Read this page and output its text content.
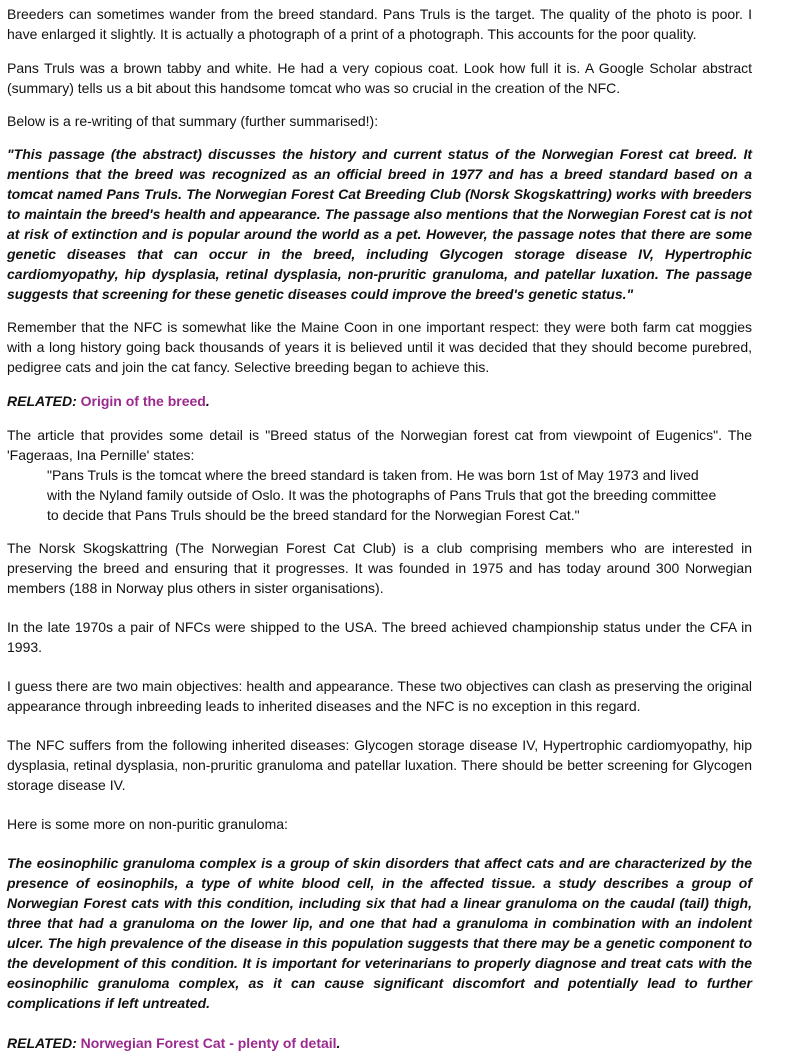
Breeders can sometimes wander from the breed standard. Pans Truls is the target. The quality of the photo is poor. I have enlarged it slightly. It is actually a photograph of a print of a photograph. This accounts for the poor quality.

Pans Truls was a brown tabby and white. He had a very copious coat. Look how full it is. A Google Scholar abstract (summary) tells us a bit about this handsome tomcat who was so crucial in the creation of the NFC.

Below is a re-writing of that summary (further summarised!):

"This passage (the abstract) discusses the history and current status of the Norwegian Forest cat breed. It mentions that the breed was recognized as an official breed in 1977 and has a breed standard based on a tomcat named Pans Truls. The Norwegian Forest Cat Breeding Club (Norsk Skogskattring) works with breeders to maintain the breed's health and appearance. The passage also mentions that the Norwegian Forest cat is not at risk of extinction and is popular around the world as a pet. However, the passage notes that there are some genetic diseases that can occur in the breed, including Glycogen storage disease IV, Hypertrophic cardiomyopathy, hip dysplasia, retinal dysplasia, non-pruritic granuloma, and patellar luxation. The passage suggests that screening for these genetic diseases could improve the breed's genetic status."

Remember that the NFC is somewhat like the Maine Coon in one important respect: they were both farm cat moggies with a long history going back thousands of years it is believed until it was decided that they should become purebred, pedigree cats and join the cat fancy. Selective breeding began to achieve this.

RELATED: Origin of the breed.

The article that provides some detail is "Breed status of the Norwegian forest cat from viewpoint of Eugenics". The 'Fageraas, Ina Pernille' states:

"Pans Truls is the tomcat where the breed standard is taken from. He was born 1st of May 1973 and lived with the Nyland family outside of Oslo. It was the photographs of Pans Truls that got the breeding committee to decide that Pans Truls should be the breed standard for the Norwegian Forest Cat."

The Norsk Skogskattring (The Norwegian Forest Cat Club) is a club comprising members who are interested in preserving the breed and ensuring that it progresses. It was founded in 1975 and has today around 300 Norwegian members (188 in Norway plus others in sister organisations).

In the late 1970s a pair of NFCs were shipped to the USA. The breed achieved championship status under the CFA in 1993.

I guess there are two main objectives: health and appearance. These two objectives can clash as preserving the original appearance through inbreeding leads to inherited diseases and the NFC is no exception in this regard.

The NFC suffers from the following inherited diseases: Glycogen storage disease IV, Hypertrophic cardiomyopathy, hip dysplasia, retinal dysplasia, non-pruritic granuloma and patellar luxation. There should be better screening for Glycogen storage disease IV.

Here is some more on non-puritic granuloma:

The eosinophilic granuloma complex is a group of skin disorders that affect cats and are characterized by the presence of eosinophils, a type of white blood cell, in the affected tissue. a study describes a group of Norwegian Forest cats with this condition, including six that had a linear granuloma on the caudal (tail) thigh, three that had a granuloma on the lower lip, and one that had a granuloma in combination with an indolent ulcer. The high prevalence of the disease in this population suggests that there may be a genetic component to the development of this condition. It is important for veterinarians to properly diagnose and treat cats with the eosinophilic granuloma complex, as it can cause significant discomfort and potentially lead to further complications if left untreated.

RELATED: Norwegian Forest Cat - plenty of detail.
